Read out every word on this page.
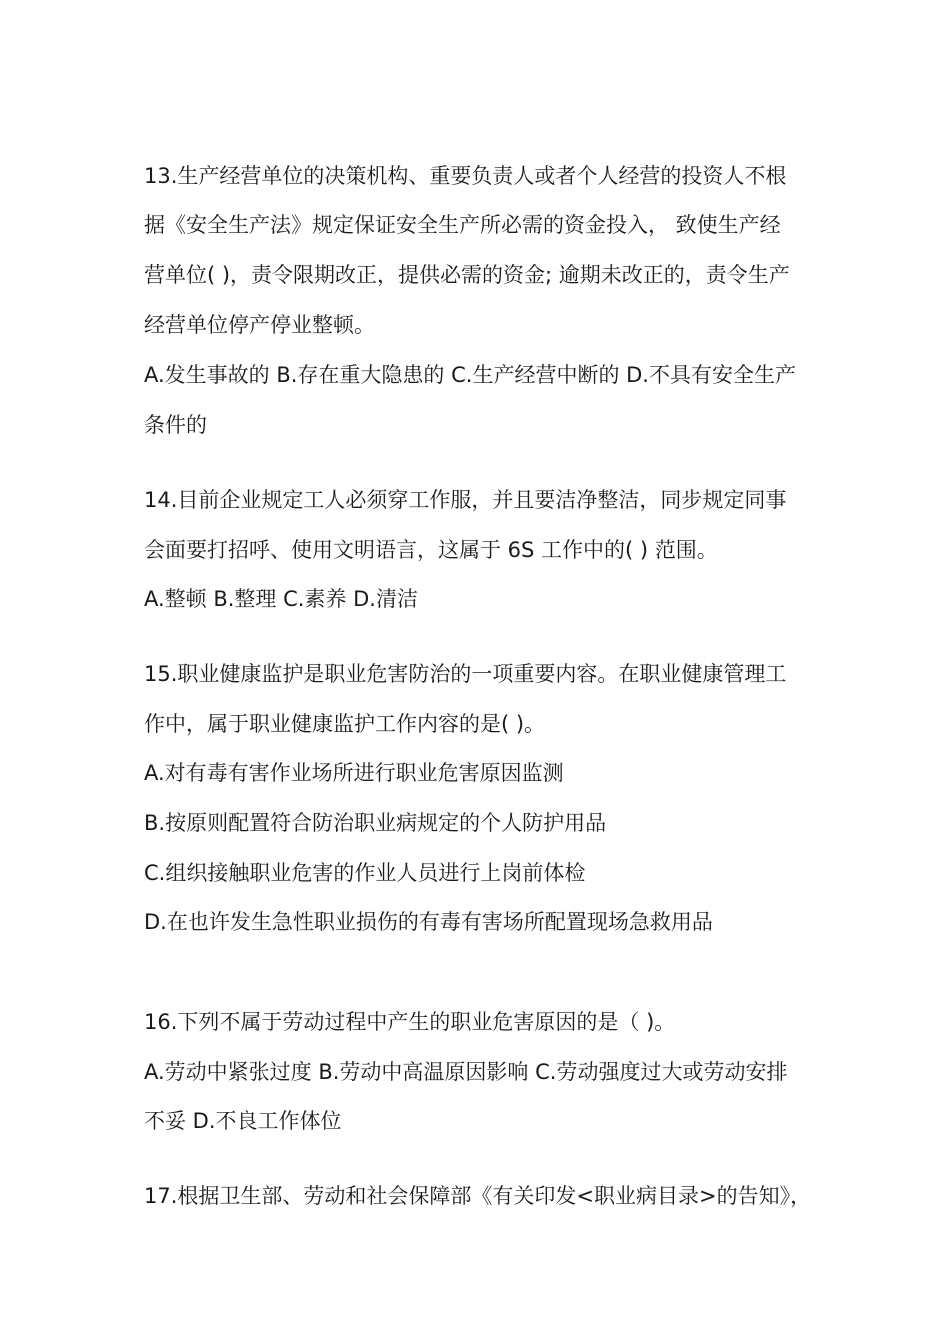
13.生产经营单位的决策机构、重要负责人或者个人经营的投资人不根
据《安全生产法》规定保证安全生产所必需的资金投入， 致使生产经
营单位( )，责令限期改正，提供必需的资金; 逾期未改正的，责令生产
经营单位停产停业整顿。
A.发生事故的 B.存在重大隐患的 C.生产经营中断的 D.不具有安全生产
条件的
14.目前企业规定工人必须穿工作服，并且要洁净整洁，同步规定同事
会面要打招呼、使用文明语言，这属于 6S 工作中的( ) 范围。
A.整顿 B.整理 C.素养 D.清洁
15.职业健康监护是职业危害防治的一项重要内容。在职业健康管理工
作中，属于职业健康监护工作内容的是( )。
A.对有毒有害作业场所进行职业危害原因监测
B.按原则配置符合防治职业病规定的个人防护用品
C.组织接触职业危害的作业人员进行上岗前体检
D.在也许发生急性职业损伤的有毒有害场所配置现场急救用品
16.下列不属于劳动过程中产生的职业危害原因的是（ )。
A.劳动中紧张过度 B.劳动中高温原因影响 C.劳动强度过大或劳动安排
不妥 D.不良工作体位
17.根据卫生部、劳动和社会保障部《有关印发<职业病目录>的告知》，
